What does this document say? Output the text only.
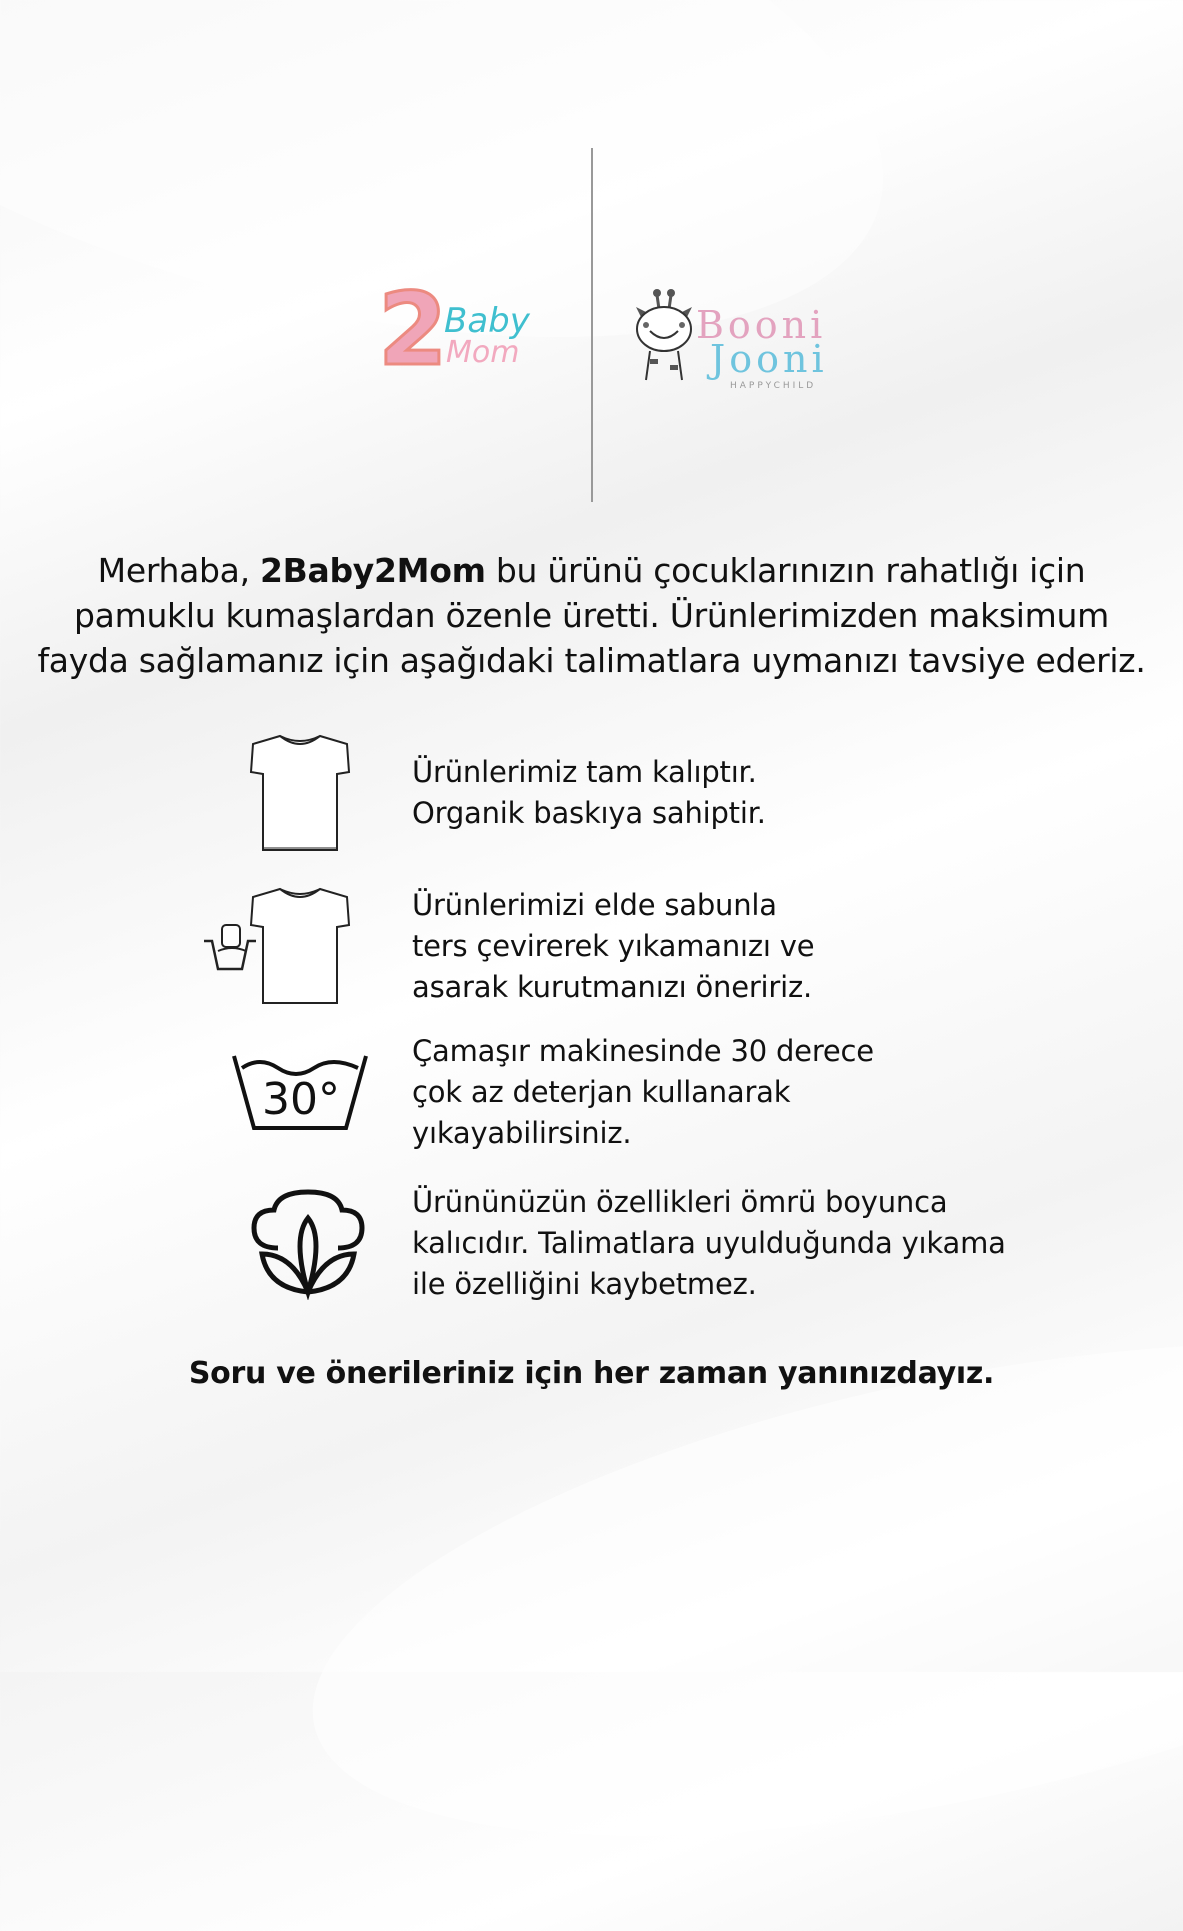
2
Baby
Mom
Booni
Jooni
HAPPYCHILD
Merhaba, 2Baby2Mom bu ürünü çocuklarınızın rahatlığı için
pamuklu kumaşlardan özenle üretti. Ürünlerimizden maksimum
fayda sağlamanız için aşağıdaki talimatlara uymanızı tavsiye ederiz.
Ürünlerimiz tam kalıptır.
Organik baskıya sahiptir.
Ürünlerimizi elde sabunla
ters çevirerek yıkamanızı ve
asarak kurutmanızı öneririz.
30°
Çamaşır makinesinde 30 derece
çok az deterjan kullanarak
yıkayabilirsiniz.
Ürününüzün özellikleri ömrü boyunca
kalıcıdır. Talimatlara uyulduğunda yıkama
ile özelliğini kaybetmez.
Soru ve önerileriniz için her zaman yanınızdayız.
